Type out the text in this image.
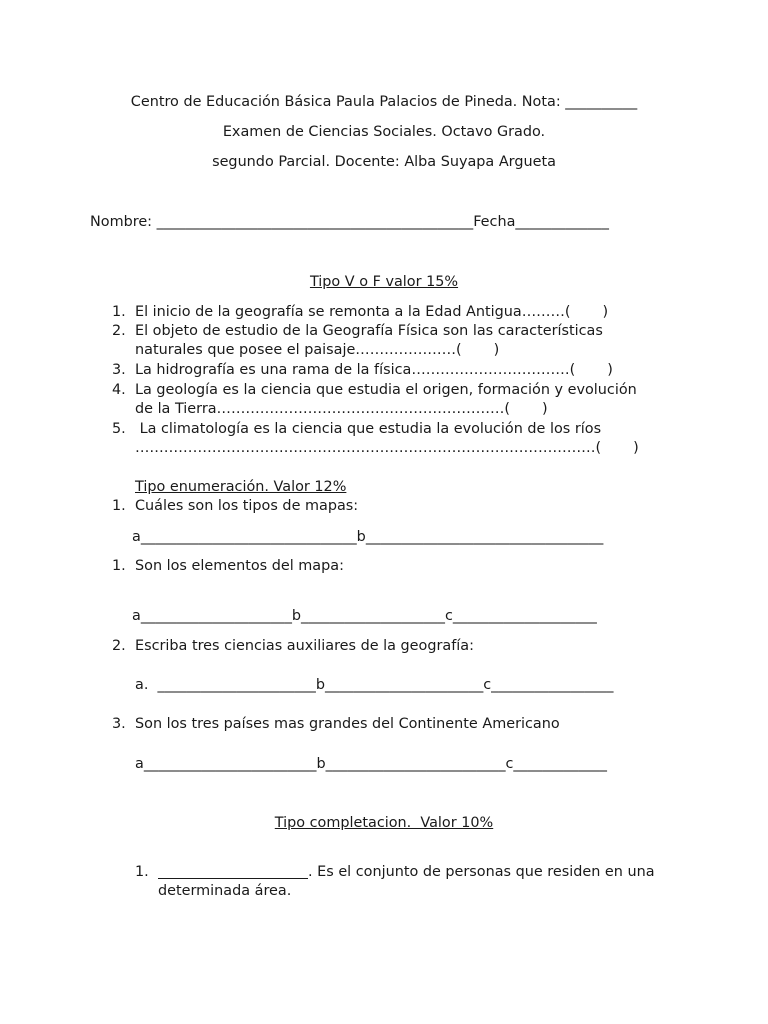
Centro de Educación Básica Paula Palacios de Pineda. Nota: __________
Examen de Ciencias Sociales. Octavo Grado.
segundo Parcial. Docente: Alba Suyapa Argueta
Nombre: ____________________________________________Fecha_____________
Tipo V o F valor 15%
1. El inicio de la geografía se remonta a la Edad Antigua………(       )
2. El objeto de estudio de la Geografía Física son las características
naturales que posee el paisaje…………………(       )
3. La hidrografía es una rama de la física……………………………(       )
4. La geología es la ciencia que estudia el origen, formación y evolución
de la Tierra……………………………………………………(       )
5. La climatología es la ciencia que estudia la evolución de los ríos
……………………………………………………………………………………(       )
Tipo enumeración. Valor 12%
1. Cuáles son los tipos de mapas:
a______________________________b_________________________________
1. Son los elementos del mapa:
a_____________________b____________________c____________________
2. Escriba tres ciencias auxiliares de la geografía:
a.  ______________________b______________________c_________________
3. Son los tres países mas grandes del Continente Americano
a________________________b_________________________c_____________
Tipo completacion.  Valor 10%
1.	. Es el conjunto de personas que residen en una
determinada área.
